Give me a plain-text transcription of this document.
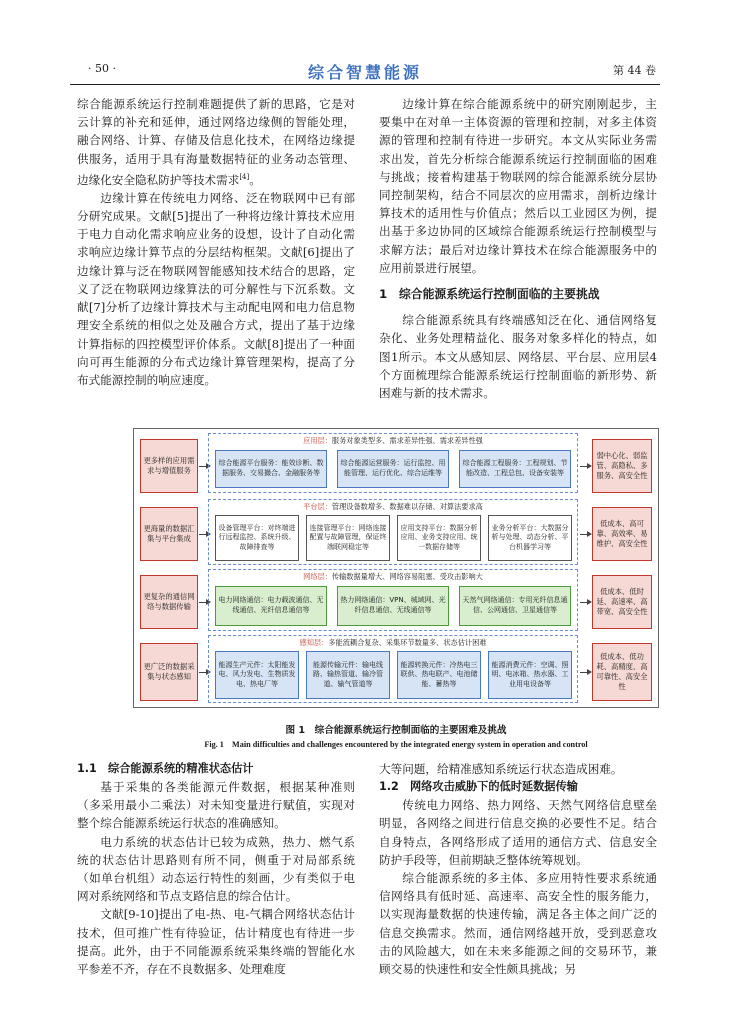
· 50 ·	综合智慧能源	第 44 卷

综合能源系统运行控制难题提供了新的思路，它是对云计算的补充和延伸，通过网络边缘侧的智能处理，融合网络、计算、存储及信息化技术，在网络边缘提供服务，适用于具有海量数据特征的业务动态管理、边缘化安全隐私防护等技术需求[4]。

边缘计算在传统电力网络、泛在物联网中已有部分研究成果。文献[5]提出了一种将边缘计算技术应用于电力自动化需求响应业务的设想，设计了自动化需求响应边缘计算节点的分层结构框架。文献[6]提出了边缘计算与泛在物联网智能感知技术结合的思路，定义了泛在物联网边缘算法的可分解性与下沉系数。文献[7]分析了边缘计算技术与主动配电网和电力信息物理安全系统的相似之处及融合方式，提出了基于边缘计算指标的四控模型评价体系。文献[8]提出了一种面向可再生能源的分布式边缘计算管理架构，提高了分布式能源控制的响应速度。

边缘计算在综合能源系统中的研究刚刚起步，主要集中在对单一主体资源的管理和控制，对多主体资源的管理和控制有待进一步研究。本文从实际业务需求出发，首先分析综合能源系统运行控制面临的困难与挑战；接着构建基于物联网的综合能源系统分层协同控制架构，结合不同层次的应用需求，剖析边缘计算技术的适用性与价值点；然后以工业园区为例，提出基于多边协同的区域综合能源系统运行控制模型与求解方法；最后对边缘计算技术在综合能源服务中的应用前景进行展望。

1　综合能源系统运行控制面临的主要挑战

综合能源系统具有终端感知泛在化、通信网络复杂化、业务处理精益化、服务对象多样化的特点，如图1所示。本文从感知层、网络层、平台层、应用层4个方面梳理综合能源系统运行控制面临的新形势、新困难与新的技术需求。

更多样的应用需求与增值服务
应用层：服务对象类型多、需求差异性强、需求差异性强
综合能源平台服务：能效诊断、数据服务、交易撮合、金融服务等
综合能源运营服务：运行监控、用能管理、运行优化、综合运维等
综合能源工程服务：工程规划、节能改造、工程总包、设备安装等
弱中心化、弱监管、高隐私、多服务、高安全性
更海量的数据汇集与平台集成
平台层：管理设备数增多、数据难以存储、对算法要求高
设备管理平台：对终端进行远程监控、系统升级、故障排查等
连接管理平台：网络连接配置与故障管理，保证终端联网稳定等
应用支持平台：数据分析应用、业务支持应用、统一数据存储等
业务分析平台：大数据分析与处理、动态分析、平台机器学习等
低成本、高可靠、高效率、易维护、高安全性
更复杂的通信网络与数据传输
网络层：传输数据量增大、网络容易阻塞、受攻击影响大
电力网络通信：电力载波通信、无线通信、光纤信息通信等
热力网络通信：VPN、城域网、光纤信息通信、无线通信等
天然气网络通信：专用光纤信息通信、公网通信、卫星通信等
低成本、低时延、高速率、高带宽、高安全性
更广泛的数据采集与状态感知
感知层：多能流耦合复杂、采集环节数量多、状态估计困难
能源生产元件：太阳能发电、风力发电、生物质发电、热电厂等
能源传输元件：输电线路、输热管道、输冷管道、输气管道等
能源转换元件：冷热电三联供、热电联产、电池储能、蓄热等
能源消费元件：空调、照明、电冰箱、热水器、工业用电设备等
低成本、低功耗、高精度、高可靠性、高安全性
图 1　综合能源系统运行控制面临的主要困难及挑战
Fig. 1　Main difficulties and challenges encountered by the integrated energy system in operation and control
1.1　综合能源系统的精准状态估计

基于采集的各类能源元件数据，根据某种准则（多采用最小二乘法）对未知变量进行赋值，实现对整个综合能源系统运行状态的准确感知。

电力系统的状态估计已较为成熟，热力、燃气系统的状态估计思路则有所不同，侧重于对局部系统（如单台机组）动态运行特性的刻画，少有类似于电网对系统网络和节点支路信息的综合估计。

文献[9-10]提出了电-热、电-气耦合网络状态估计技术，但可推广性有待验证，估计精度也有待进一步提高。此外，由于不同能源系统采集终端的智能化水平参差不齐，存在不良数据多、处理难度

大等问题，给精准感知系统运行状态造成困难。

1.2　网络攻击威胁下的低时延数据传输

传统电力网络、热力网络、天然气网络信息壁垒明显，各网络之间进行信息交换的必要性不足。结合自身特点，各网络形成了适用的通信方式、信息安全防护手段等，但前期缺乏整体统筹规划。

综合能源系统的多主体、多应用特性要求系统通信网络具有低时延、高速率、高安全性的服务能力，以实现海量数据的快速传输，满足各主体之间广泛的信息交换需求。然而，通信网络越开放，受到恶意攻击的风险越大，如在未来多能源之间的交易环节，兼顾交易的快速性和安全性颇具挑战；另
